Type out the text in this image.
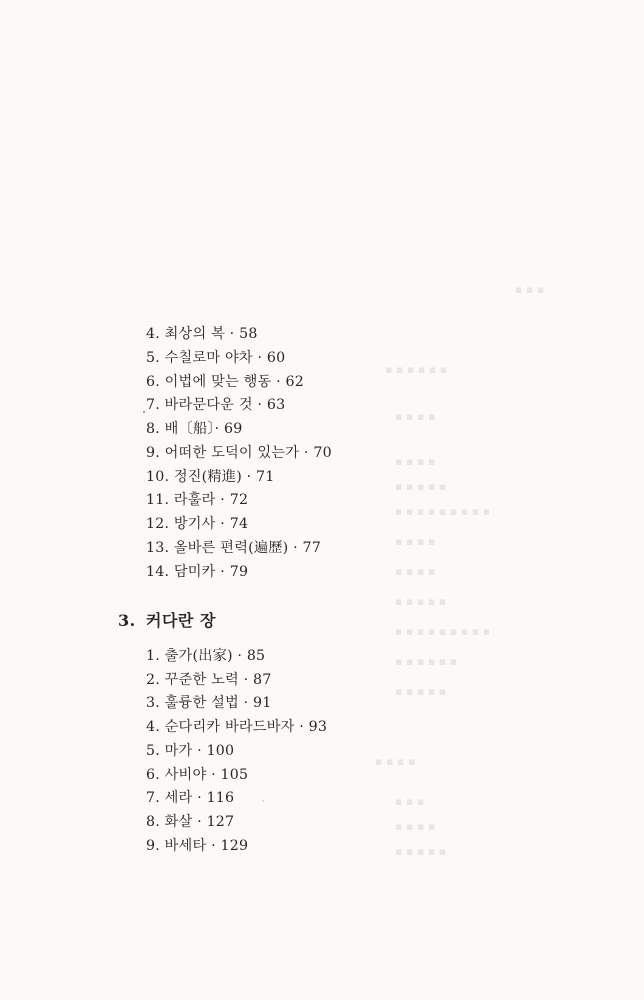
▪ ▪ ▪
▪ ▪ ▪ ▪ ▪ ▪
▪ ▪ ▪ ▪
▪ ▪ ▪ ▪
▪ ▪ ▪ ▪ ▪
▪ ▪ ▪ ▪ ▪ ▪ ▪ ▪ ▪
▪ ▪ ▪ ▪
▪ ▪ ▪ ▪
▪ ▪ ▪ ▪ ▪
▪ ▪ ▪ ▪ ▪ ▪ ▪ ▪ ▪
▪ ▪ ▪ ▪ ▪ ▪
▪ ▪ ▪ ▪ ▪
▪ ▪ ▪ ▪
▪ ▪ ▪
▪ ▪ ▪ ▪
▪ ▪ ▪ ▪ ▪
4. 최상의 복 · 58
5. 수칠로마 야차 · 60
6. 이법에 맞는 행동 · 62
7. 바라문다운 것 · 63
8. 배〔船〕· 69
9. 어떠한 도덕이 있는가 · 70
10. 정진(精進) · 71
11. 라훌라 · 72
12. 방기사 · 74
13. 올바른 편력(遍歷) · 77
14. 담미카 · 79
3. 커다란 장
1. 출가(出家) · 85
2. 꾸준한 노력 · 87
3. 훌륭한 설법 · 91
4. 순다리카 바라드바자 · 93
5. 마가 · 100
6. 사비야 · 105
7. 세라 · 116
8. 화살 · 127
9. 바세타 · 129
